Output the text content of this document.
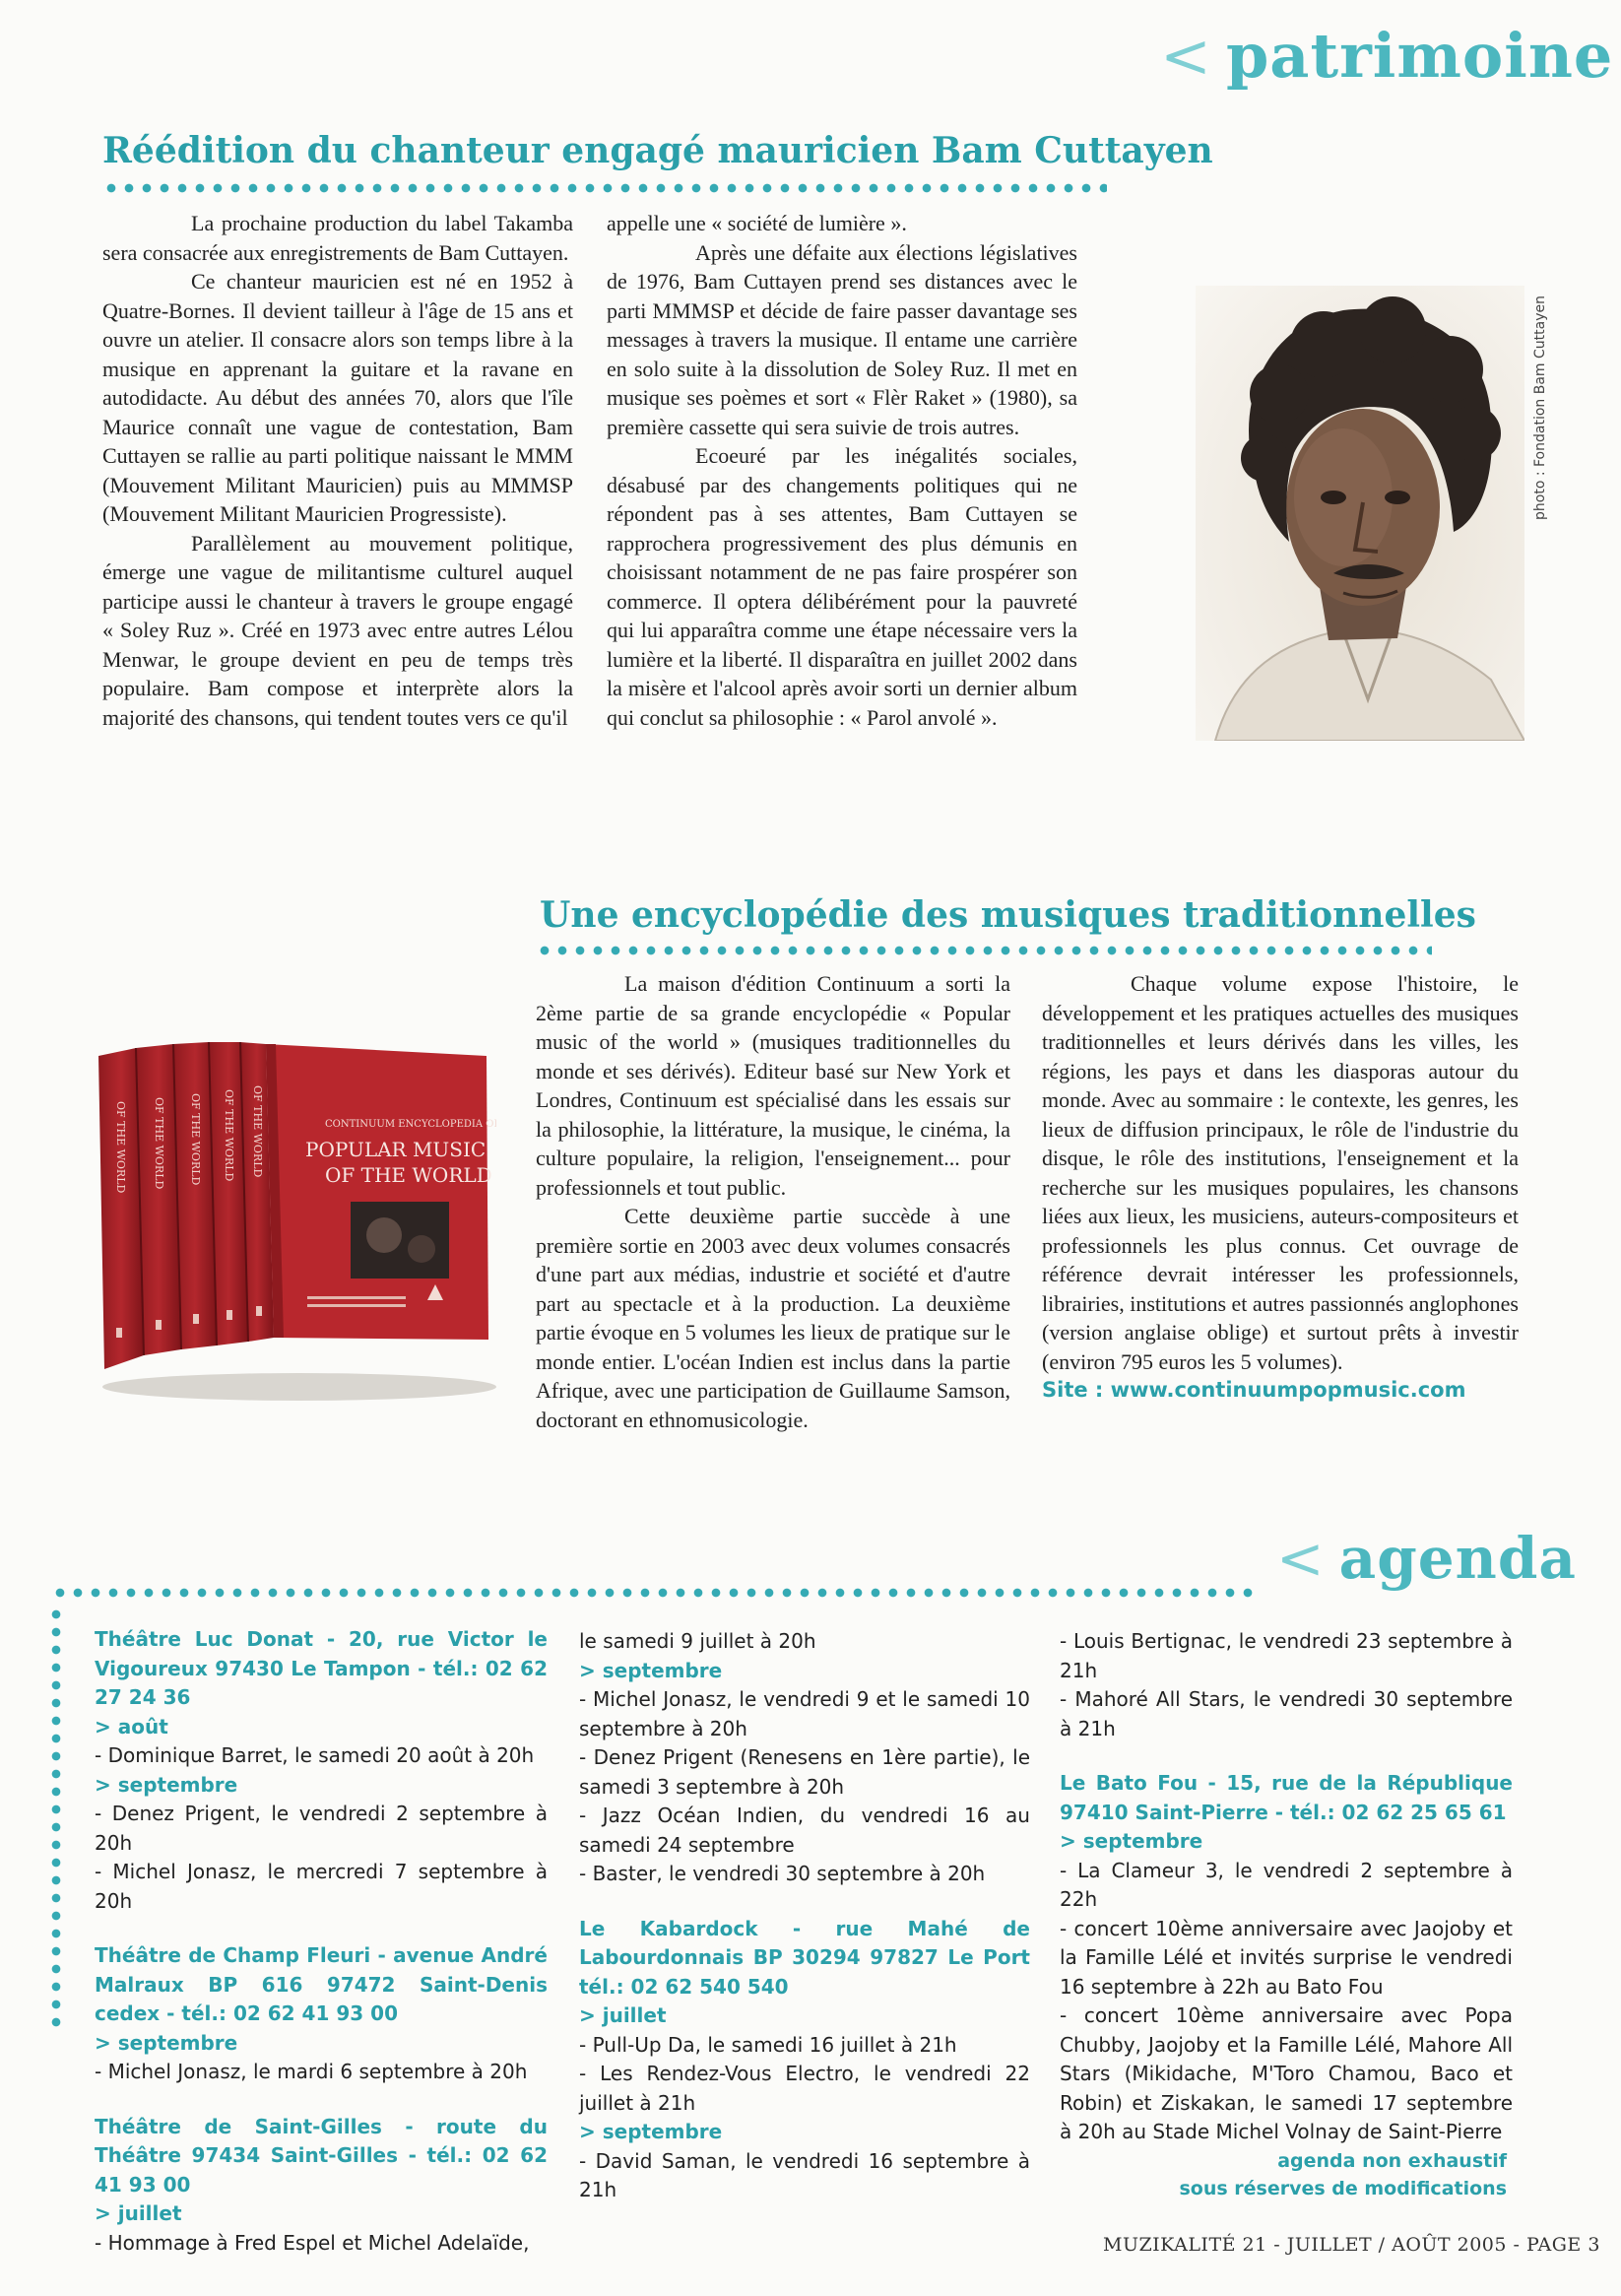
< patrimoine
Réédition du chanteur engagé mauricien Bam Cuttayen

La prochaine production du label Takamba sera consacrée aux enregistrements de Bam Cuttayen.

Ce chanteur mauricien est né en 1952 à Quatre-Bornes. Il devient tailleur à l'âge de 15 ans et ouvre un atelier. Il consacre alors son temps libre à la musique en apprenant la guitare et la ravane en autodidacte. Au début des années 70, alors que l'île Maurice connaît une vague de contestation, Bam Cuttayen se rallie au parti politique naissant le MMM (Mouvement Militant Mauricien) puis au MMMSP (Mouvement Militant Mauricien Progressiste).

Parallèlement au mouvement politique, émerge une vague de militantisme culturel auquel participe aussi le chanteur à travers le groupe engagé « Soley Ruz ». Créé en 1973 avec entre autres Lélou Menwar, le groupe devient en peu de temps très populaire. Bam compose et interprète alors la majorité des chansons, qui tendent toutes vers ce qu'il

appelle une « société de lumière ».

Après une défaite aux élections législatives de 1976, Bam Cuttayen prend ses distances avec le parti MMMSP et décide de faire passer davantage ses messages à travers la musique. Il entame une carrière en solo suite à la dissolution de Soley Ruz. Il met en musique ses poèmes et sort « Flèr Raket » (1980), sa première cassette qui sera suivie de trois autres.

Ecoeuré par les inégalités sociales, désabusé par des changements politiques qui ne répondent pas à ses attentes, Bam Cuttayen se rapprochera progressivement des plus démunis en choisissant notamment de ne pas faire prospérer son commerce. Il optera délibérément pour la pauvreté qui lui apparaîtra comme une étape nécessaire vers la lumière et la liberté. Il disparaîtra en juillet 2002 dans la misère et l'alcool après avoir sorti un dernier album qui conclut sa philosophie : « Parol anvolé ».

photo : Fondation Bam Cuttayen
Une encyclopédie des musiques traditionnelles
OF THE WORLD OF THE WORLD OF THE WORLD OF THE WORLD OF THE WORLD	CONTINUUM ENCYCLOPEDIA OF
POPULAR MUSIC
OF THE WORLD

La maison d'édition Continuum a sorti la 2ème partie de sa grande encyclopédie « Popular music of the world » (musiques traditionnelles du monde et ses dérivés). Editeur basé sur New York et Londres, Continuum est spécialisé dans les essais sur la philosophie, la littérature, la musique, le cinéma, la culture populaire, la religion, l'enseignement... pour professionnels et tout public.

Cette deuxième partie succède à une première sortie en 2003 avec deux volumes consacrés d'une part aux médias, industrie et société et d'autre part au spectacle et à la production. La deuxième partie évoque en 5 volumes les lieux de pratique sur le monde entier. L'océan Indien est inclus dans la partie Afrique, avec une participation de Guillaume Samson, doctorant en ethnomusicologie.

Chaque volume expose l'histoire, le développement et les pratiques actuelles des musiques traditionnelles et leurs dérivés dans les villes, les régions, les pays et dans les diasporas autour du monde. Avec au sommaire : le contexte, les genres, les lieux de diffusion principaux, le rôle de l'industrie du disque, le rôle des institutions, l'enseignement et la recherche sur les musiques populaires, les chansons liées aux lieux, les musiciens, auteurs-compositeurs et professionnels les plus connus. Cet ouvrage de référence devrait intéresser les professionnels, librairies, institutions et autres passionnés anglophones (version anglaise oblige) et surtout prêts à investir (environ 795 euros les 5 volumes).

Site : www.continuumpopmusic.com

< agenda
Théâtre Luc Donat - 20, rue Victor le Vigoureux 97430 Le Tampon - tél.: 02 62 27 24 36
> août
- Dominique Barret, le samedi 20 août à 20h
> septembre
- Denez Prigent, le vendredi 2 septembre à 20h
- Michel Jonasz, le mercredi 7 septembre à 20h
Théâtre de Champ Fleuri - avenue André Malraux BP 616 97472 Saint-Denis cedex - tél.: 02 62 41 93 00
> septembre
- Michel Jonasz, le mardi 6 septembre à 20h
Théâtre de Saint-Gilles - route du Théâtre 97434 Saint-Gilles - tél.: 02 62 41 93 00
> juillet
- Hommage à Fred Espel et Michel Adelaïde,
le samedi 9 juillet à 20h
> septembre
- Michel Jonasz, le vendredi 9 et le samedi 10 septembre à 20h
- Denez Prigent (Renesens en 1ère partie), le samedi 3 septembre à 20h
- Jazz Océan Indien, du vendredi 16 au samedi 24 septembre
- Baster, le vendredi 30 septembre à 20h
Le Kabardock - rue Mahé de Labourdonnais BP 30294 97827 Le Port tél.: 02 62 540 540
> juillet
- Pull-Up Da, le samedi 16 juillet à 21h
- Les Rendez-Vous Electro, le vendredi 22 juillet à 21h
> septembre
- David Saman, le vendredi 16 septembre à 21h
- Louis Bertignac, le vendredi 23 septembre à 21h
- Mahoré All Stars, le vendredi 30 septembre à 21h
Le Bato Fou - 15, rue de la République 97410 Saint-Pierre - tél.: 02 62 25 65 61
> septembre
- La Clameur 3, le vendredi 2 septembre à 22h
- concert 10ème anniversaire avec Jaojoby et la Famille Lélé et invités surprise le vendredi 16 septembre à 22h au Bato Fou
- concert 10ème anniversaire avec Popa Chubby, Jaojoby et la Famille Lélé, Mahore All Stars (Mikidache, M'Toro Chamou, Baco et Robin) et Ziskakan, le samedi 17 septembre à 20h au Stade Michel Volnay de Saint-Pierre
agenda non exhaustif
sous réserves de modifications
MUZIKALITÉ 21 - JUILLET / AOÛT 2005 - PAGE 3
